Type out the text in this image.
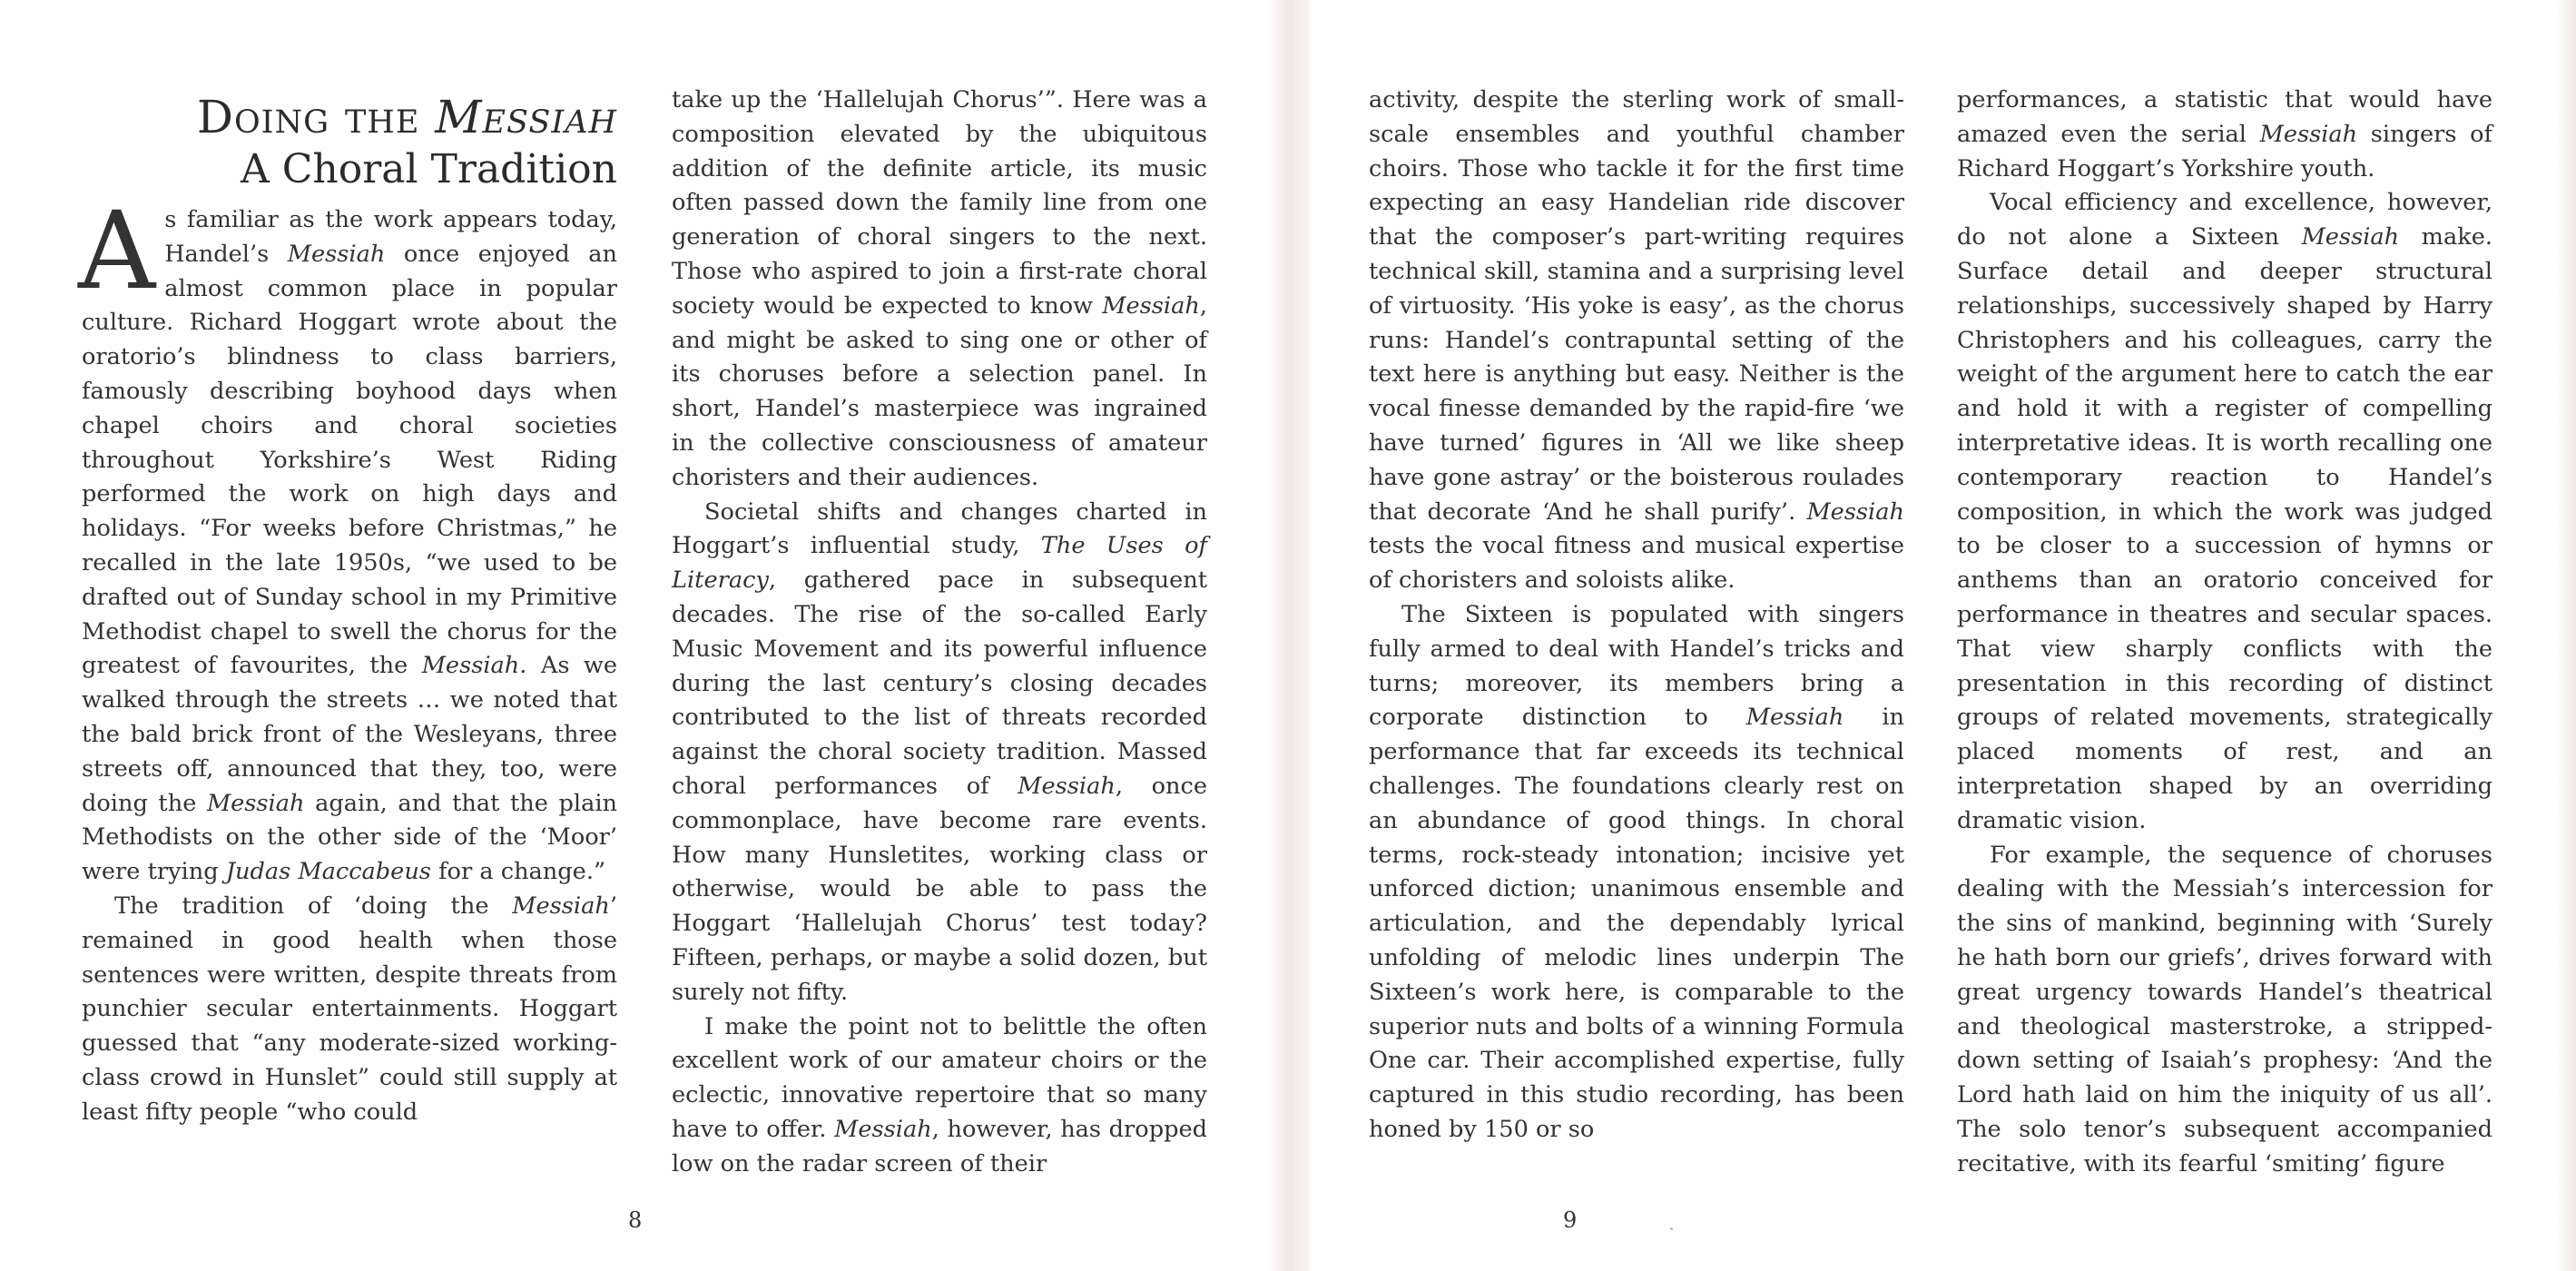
Doing the Messiah
A Choral Tradition

As familiar as the work appears today, Handel’s Messiah once enjoyed an almost common place in popular culture. Richard Hoggart wrote about the oratorio’s blindness to class barriers, famously describing boyhood days when chapel choirs and choral societies throughout Yorkshire’s West Riding performed the work on high days and holidays. “For weeks before Christmas,” he recalled in the late 1950s, “we used to be drafted out of Sunday school in my Primitive Methodist chapel to swell the chorus for the greatest of favourites, the Messiah. As we walked through the streets … we noted that the bald brick front of the Wesleyans, three streets off, announced that they, too, were doing the Messiah again, and that the plain Methodists on the other side of the ‘Moor’ were trying Judas Maccabeus for a change.”

The tradition of ‘doing the Messiah’ remained in good health when those sentences were written, despite threats from punchier secular entertainments. Hoggart guessed that “any moderate-sized working-class crowd in Hunslet” could still supply at least fifty people “who could

take up the ‘Hallelujah Chorus’”. Here was a composition elevated by the ubiquitous addition of the definite article, its music often passed down the family line from one generation of choral singers to the next. Those who aspired to join a first-rate choral society would be expected to know Messiah, and might be asked to sing one or other of its choruses before a selection panel. In short, Handel’s masterpiece was ingrained in the collective consciousness of amateur choristers and their audiences.

Societal shifts and changes charted in Hoggart’s influential study, The Uses of Literacy, gathered pace in subsequent decades. The rise of the so-called Early Music Movement and its powerful influence during the last century’s closing decades contributed to the list of threats recorded against the choral society tradition. Massed choral performances of Messiah, once commonplace, have become rare events. How many Hunsletites, working class or otherwise, would be able to pass the Hoggart ‘Hallelujah Chorus’ test today? Fifteen, perhaps, or maybe a solid dozen, but surely not fifty.

I make the point not to belittle the often excellent work of our amateur choirs or the eclectic, innovative repertoire that so many have to offer. Messiah, however, has dropped low on the radar screen of their

activity, despite the sterling work of small-scale ensembles and youthful chamber choirs. Those who tackle it for the first time expecting an easy Handelian ride discover that the composer’s part-writing requires technical skill, stamina and a surprising level of virtuosity. ‘His yoke is easy’, as the chorus runs: Handel’s contrapuntal setting of the text here is anything but easy. Neither is the vocal finesse demanded by the rapid-fire ‘we have turned’ figures in ‘All we like sheep have gone astray’ or the boisterous roulades that decorate ‘And he shall purify’. Messiah tests the vocal fitness and musical expertise of choristers and soloists alike.

The Sixteen is populated with singers fully armed to deal with Handel’s tricks and turns; moreover, its members bring a corporate distinction to Messiah in performance that far exceeds its technical challenges. The foundations clearly rest on an abundance of good things. In choral terms, rock-steady intonation; incisive yet unforced diction; unanimous ensemble and articulation, and the dependably lyrical unfolding of melodic lines underpin The Sixteen’s work here, is comparable to the superior nuts and bolts of a winning Formula One car. Their accomplished expertise, fully captured in this studio recording, has been honed by 150 or so

performances, a statistic that would have amazed even the serial Messiah singers of Richard Hoggart’s Yorkshire youth.

Vocal efficiency and excellence, however, do not alone a Sixteen Messiah make. Surface detail and deeper structural relationships, successively shaped by Harry Christophers and his colleagues, carry the weight of the argument here to catch the ear and hold it with a register of compelling interpretative ideas. It is worth recalling one contemporary reaction to Handel’s composition, in which the work was judged to be closer to a succession of hymns or anthems than an oratorio conceived for performance in theatres and secular spaces. That view sharply conflicts with the presentation in this recording of distinct groups of related movements, strategically placed moments of rest, and an interpretation shaped by an overriding dramatic vision.

For example, the sequence of choruses dealing with the Messiah’s intercession for the sins of mankind, beginning with ‘Surely he hath born our griefs’, drives forward with great urgency towards Handel’s theatrical and theological masterstroke, a stripped-down setting of Isaiah’s prophesy: ‘And the Lord hath laid on him the iniquity of us all’. The solo tenor’s subsequent accompanied recitative, with its fearful ‘smiting’ figure

8	9
